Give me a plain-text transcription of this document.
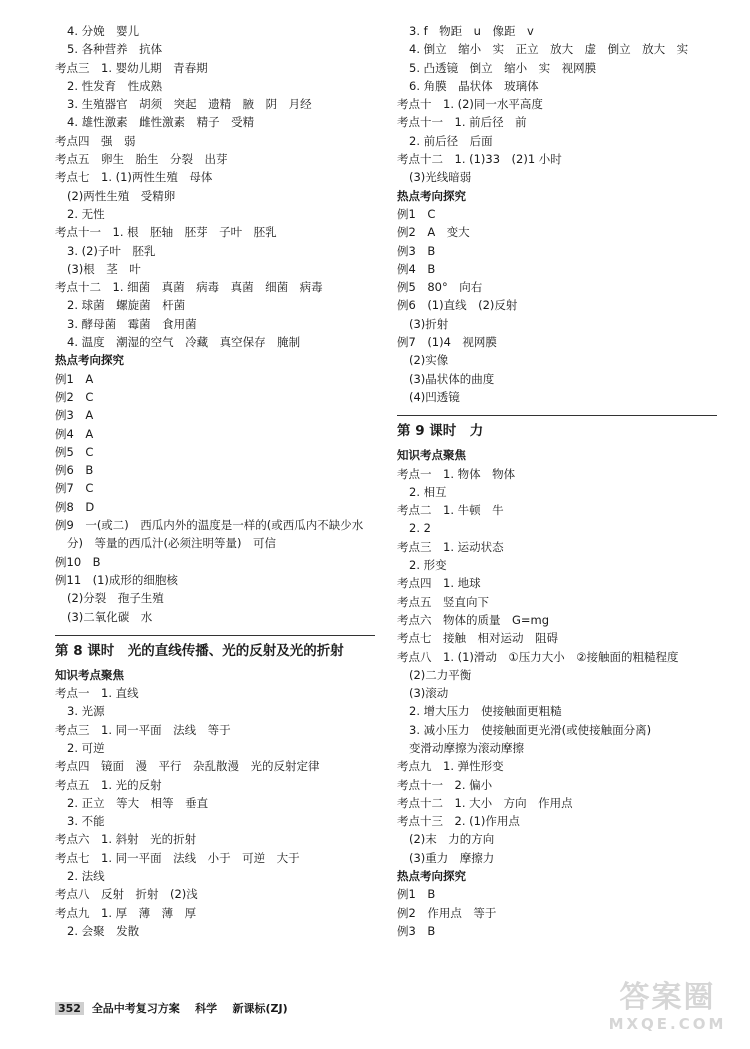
4. 分娩　婴儿
5. 各种营养　抗体
考点三　1. 婴幼儿期　青春期
2. 性发育　性成熟
3. 生殖器官　胡须　突起　遗精　腋　阴　月经
4. 雄性激素　雌性激素　精子　受精
考点四　强　弱
考点五　卵生　胎生　分裂　出芽
考点七　1. (1)两性生殖　母体
(2)两性生殖　受精卵
2. 无性
考点十一　1. 根　胚轴　胚芽　子叶　胚乳
3. (2)子叶　胚乳
(3)根　茎　叶
考点十二　1. 细菌　真菌　病毒　真菌　细菌　病毒
2. 球菌　螺旋菌　杆菌
3. 酵母菌　霉菌　食用菌
4. 温度　潮湿的空气　冷藏　真空保存　腌制
热点考向探究
例1　A
例2　C
例3　A
例4　A
例5　C
例6　B
例7　C
例8　D
例9　一(或二)　西瓜内外的温度是一样的(或西瓜内不缺少水
分)　等量的西瓜汁(必须注明等量)　可信
例10　B
例11　(1)成形的细胞核
(2)分裂　孢子生殖
(3)二氧化碳　水
第 8 课时　光的直线传播、光的反射及光的折射
知识考点聚焦
考点一　1. 直线
3. 光源
考点三　1. 同一平面　法线　等于
2. 可逆
考点四　镜面　漫　平行　杂乱散漫　光的反射定律
考点五　1. 光的反射
2. 正立　等大　相等　垂直
3. 不能
考点六　1. 斜射　光的折射
考点七　1. 同一平面　法线　小于　可逆　大于
2. 法线
考点八　反射　折射　(2)浅
考点九　1. 厚　薄　薄　厚
2. 会聚　发散
3. f　物距　u　像距　v
4. 倒立　缩小　实　正立　放大　虚　倒立　放大　实
5. 凸透镜　倒立　缩小　实　视网膜
6. 角膜　晶状体　玻璃体
考点十　1. (2)同一水平高度
考点十一　1. 前后径　前
2. 前后径　后面
考点十二　1. (1)33　(2)1 小时
(3)光线暗弱
热点考向探究
例1　C
例2　A　变大
例3　B
例4　B
例5　80°　向右
例6　(1)直线　(2)反射
(3)折射
例7　(1)4　视网膜
(2)实像
(3)晶状体的曲度
(4)凹透镜
第 9 课时　力
知识考点聚焦
考点一　1. 物体　物体
2. 相互
考点二　1. 牛顿　牛
2. 2
考点三　1. 运动状态
2. 形变
考点四　1. 地球
考点五　竖直向下
考点六　物体的质量　G=mg
考点七　接触　相对运动　阻碍
考点八　1. (1)滑动　①压力大小　②接触面的粗糙程度
(2)二力平衡
(3)滚动
2. 增大压力　使接触面更粗糙
3. 减小压力　使接触面更光滑(或使接触面分离)
变滑动摩擦为滚动摩擦
考点九　1. 弹性形变
考点十一　2. 偏小
考点十二　1. 大小　方向　作用点
考点十三　2. (1)作用点
(2)末　力的方向
(3)重力　摩擦力
热点考向探究
例1　B
例2　作用点　等于
例3　B
352 全品中考复习方案 科学 新课标(ZJ)	答案圈
MXQE.COM
